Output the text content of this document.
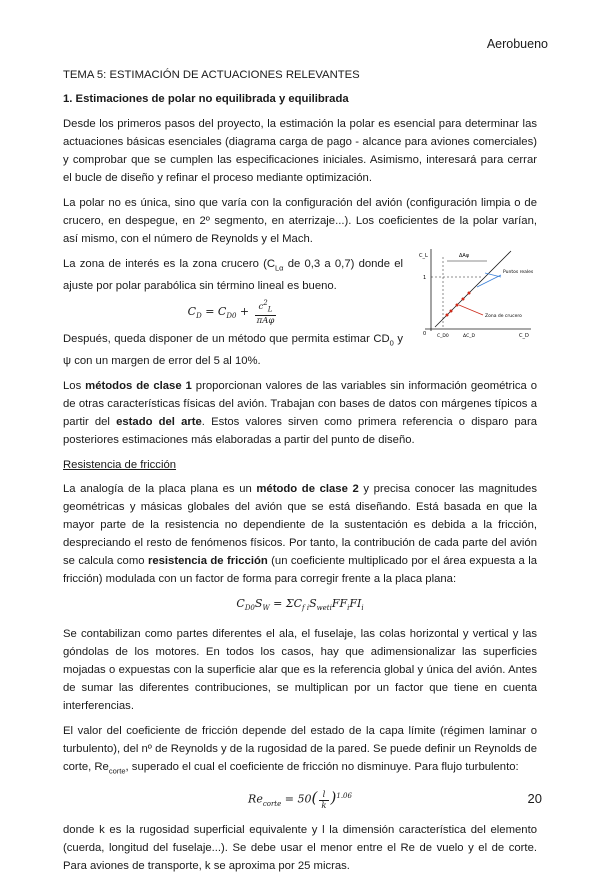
Aerobueno
TEMA 5: ESTIMACIÓN DE ACTUACIONES RELEVANTES
1. Estimaciones de polar no equilibrada y equilibrada

Desde los primeros pasos del proyecto, la estimación la polar es esencial para determinar las actuaciones básicas esenciales (diagrama carga de pago - alcance para aviones comerciales) y comprobar que se cumplen las especificaciones iniciales. Asimismo, interesará para cerrar el bucle de diseño y refinar el proceso mediante optimización.

La polar no es única, sino que varía con la configuración del avión (configuración limpia o de crucero, en despegue, en 2º segmento, en aterrizaje...). Los coeficientes de la polar varían, así mismo, con el número de Reynolds y el Mach.

La zona de interés es la zona crucero ($C_{L\alpha}$ de 0,3 a 0,7) donde el ajuste por polar parabólica sin término lineal es bueno.

$C_D = C_{D0} + \frac{c^2_L}{\text{πAφ}}$

Después, queda disponer de un método que permita estimar $CD_0$ y ψ con un margen de error del 5 al 10%.

C_L
C_D
ΔAψ
1
0	ΔC_D
C_D0
Puntos reales
Zona de crucero

Los métodos de clase 1 proporcionan valores de las variables sin información geométrica o de otras características físicas del avión. Trabajan con bases de datos con márgenes típicos a partir del estado del arte. Estos valores sirven como primera referencia o disparo para posteriores estimaciones más elaboradas a partir del punto de diseño.

Resistencia de fricción

La analogía de la placa plana es un método de clase 2 y precisa conocer las magnitudes geométricas y másicas globales del avión que se está diseñando. Está basada en que la mayor parte de la resistencia no dependiente de la sustentación es debida a la fricción, despreciando el resto de fenómenos físicos. Por tanto, la contribución de cada parte del avión se calcula como resistencia de fricción (un coeficiente multiplicado por el área expuesta a la fricción) modulada con un factor de forma para corregir frente a la placa plana:

$C_{D0}S_W = \Sigma C_{f i}S_{weti}FF_iFI_i$

Se contabilizan como partes diferentes el ala, el fuselaje, las colas horizontal y vertical y las góndolas de los motores. En todos los casos, hay que adimensionalizar las superficies mojadas o expuestas con la superficie alar que es la referencia global y única del avión. Antes de sumar las diferentes contribuciones, se multiplican por un factor que tiene en cuenta interferencias.

El valor del coeficiente de fricción depende del estado de la capa límite (régimen laminar o turbulento), del nº de Reynolds y de la rugosidad de la pared. Se puede definir un Reynolds de corte, $Re_{corte}$, superado el cual el coeficiente de fricción no disminuye. Para flujo turbulento:

$Re_{corte} = 50( \frac{l}{k} )^{1.06}$

donde k es la rugosidad superficial equivalente y l la dimensión característica del elemento (cuerda, longitud del fuselaje...). Se debe usar el menor entre el Re de vuelo y el de corte. Para aviones de transporte, k se aproxima por 25 micras.

20
